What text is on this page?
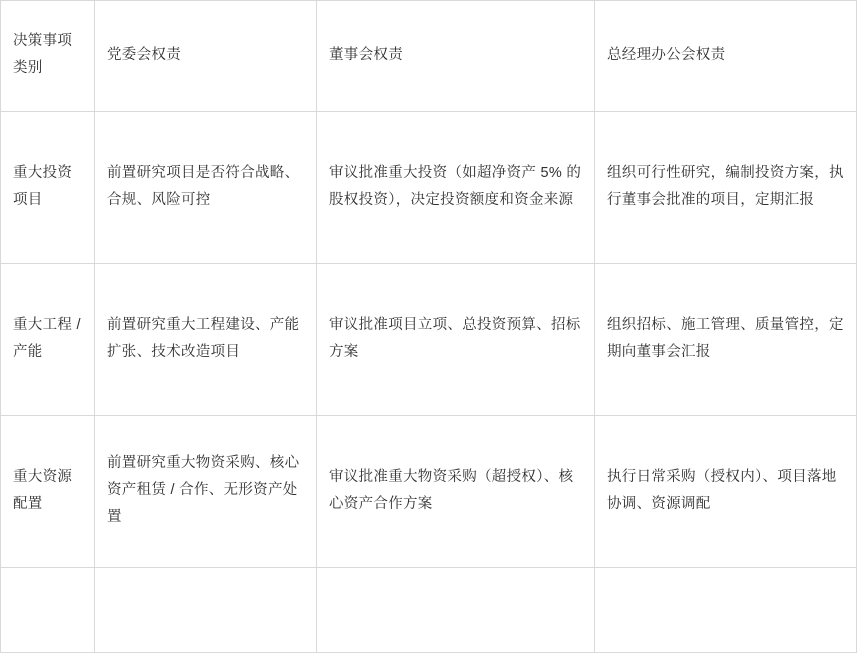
决策事项类别	党委会权责	董事会权责	总经理办公会权责

重大投资项目	前置研究项目是否符合战略、合规、风险可控	审议批准重大投资（如超净资产 5% 的股权投资），决定投资额度和资金来源	组织可行性研究，编制投资方案，执行董事会批准的项目，定期汇报

重大工程 / 产能	前置研究重大工程建设、产能扩张、技术改造项目	审议批准项目立项、总投资预算、招标方案	组织招标、施工管理、质量管控，定期向董事会汇报

重大资源配置	前置研究重大物资采购、核心资产租赁 / 合作、无形资产处置	审议批准重大物资采购（超授权）、核心资产合作方案	执行日常采购（授权内）、项目落地协调、资源调配
